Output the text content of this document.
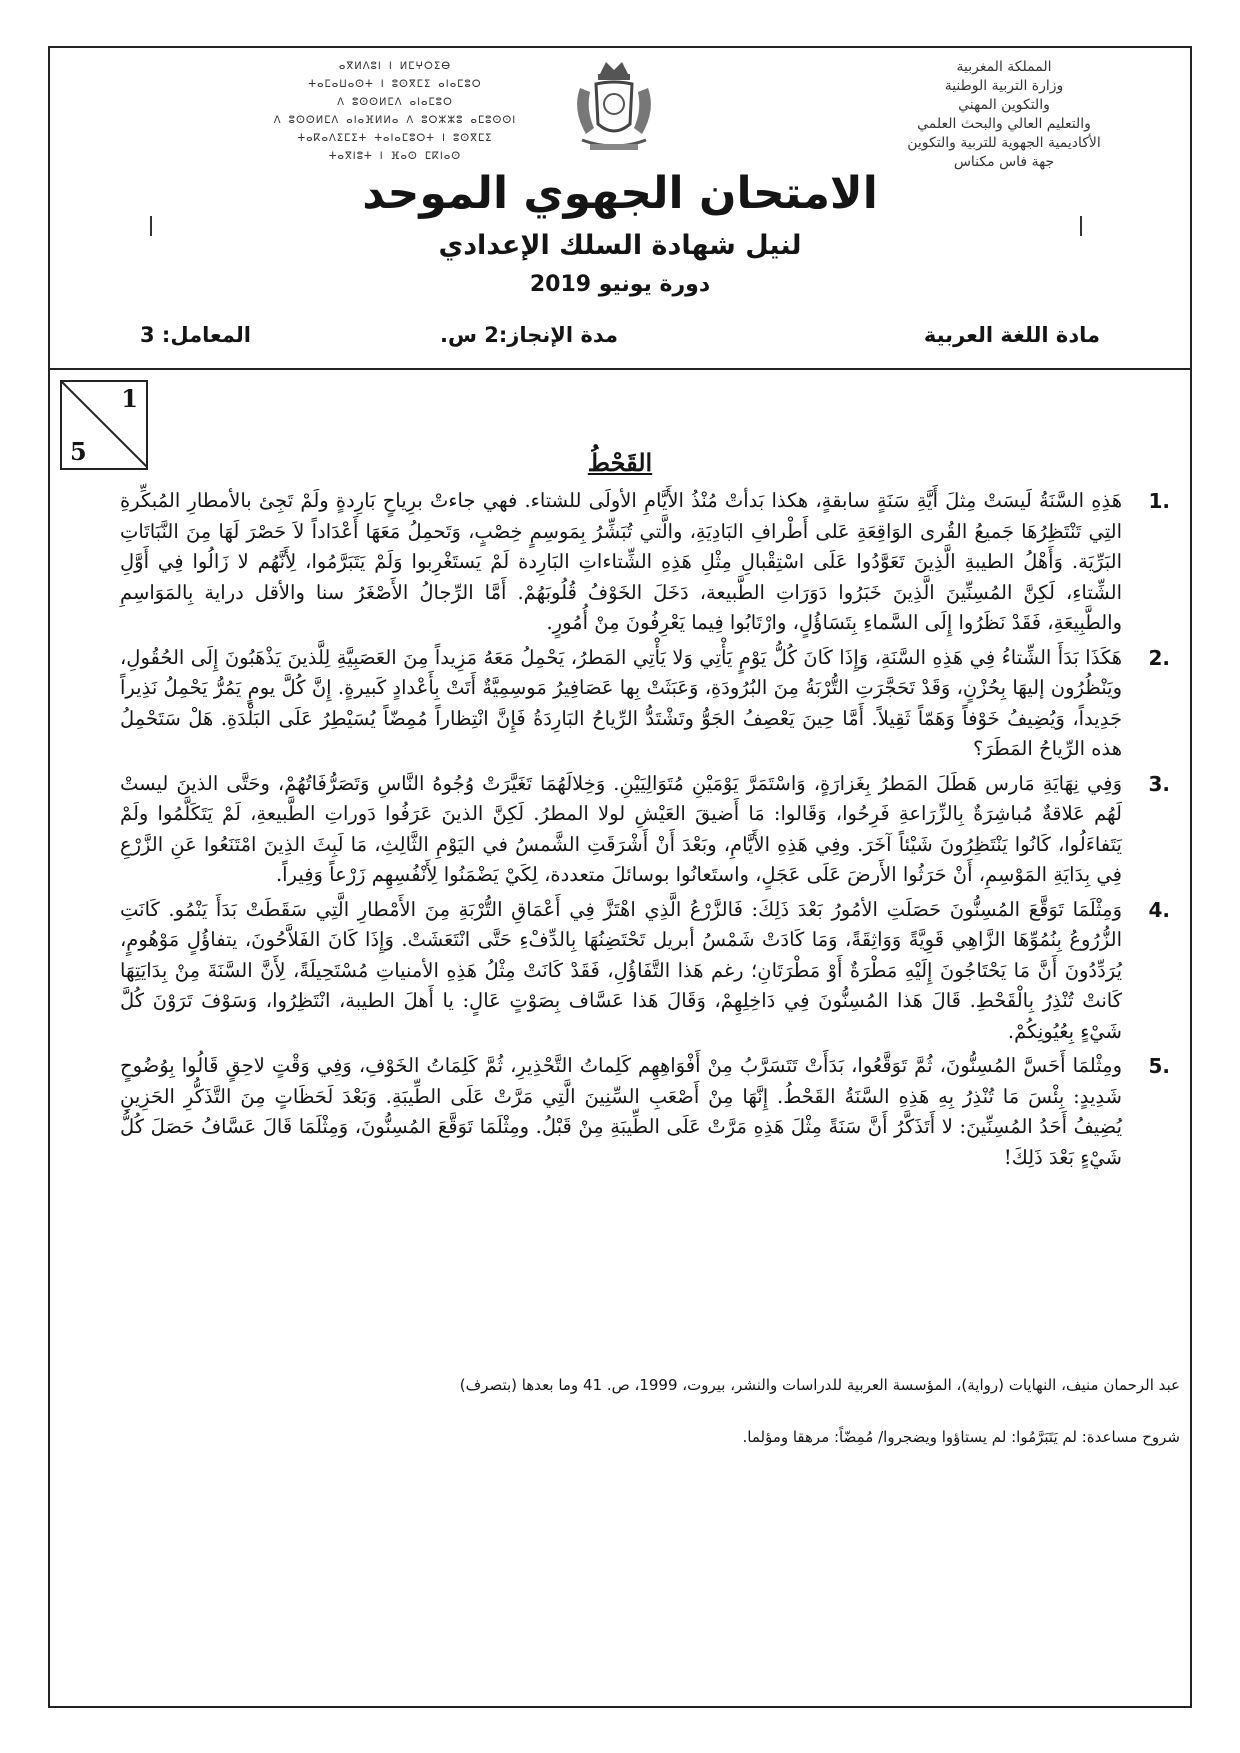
ⴰⴳⵍⴷⵓⵏ ⵏ ⵍⵎⵖⵔⵉⴱ
ⵜⴰⵎⴰⵡⴰⵙⵜ ⵏ ⵓⵙⴳⵎⵉ ⴰⵏⴰⵎⵓⵔ
ⴷ ⵓⵙⵙⵍⵎⴷ ⴰⵏⴰⵎⵓⵔ
ⴷ ⵓⵙⵙⵍⵎⴷ ⴰⵏⴰⴼⵍⵍⴰ ⴷ ⵓⵔⵣⵣⵓ ⴰⵎⵓⵙⵙⵏ
ⵜⴰⴽⴰⴷⵉⵎⵉⵜ ⵜⴰⵏⴰⵎⵓⵔⵜ ⵏ ⵓⵙⴳⵎⵉ
ⵜⴰⴳⵏⵓⵜ ⵏ ⴼⴰⵙ ⵎⴽⵏⴰⵙ
المملكة المغربية
وزارة التربية الوطنية
والتكوين المهني
والتعليم العالي والبحث العلمي
الأكاديمية الجهوية للتربية والتكوين
جهة فاس مكناس
الامتحان الجهوي الموحد
لنيل شهادة السلك الإعدادي
دورة يونيو 2019
مادة اللغة العربية
مدة الإنجاز:2 س.
المعامل: 3
1
5	القَحْطُ
.1
هَذِهِ السَّنَةُ لَيسَتْ مِثلَ أَيَّةِ سَنَةٍ سابقةٍ، هكذا بَدأتْ مُنْذُ الأَيَّامِ الأولَى للشتاء. فهي جاءتْ برِياحٍ بَارِدةٍ ولَمْ تَجِئ بالأمطارِ المُبكِّرةِ التِي تَنْتَظِرُهَا جَميعُ القُرى الوَاقِعَةِ عَلى أَطْرافِ البَادِيَةِ، والَّتي تُبَشِّرُ بِمَوسِمٍ خِصْبٍ، وَتَحمِلُ مَعَهَا أَعْدَاداً لاَ حَصْرَ لَهَا مِنَ النَّبَاتَاتِ البَرِّيَة. وَأَهْلُ الطيبةِ الَّذِينَ تَعَوَّدُوا عَلَى اسْتِقْبالِ مِثْلِ هَذِهِ الشِّتاءاتِ البَارِدة لَمْ يَستَغْرِبوا وَلَمْ يَتَبَرَّمُوا، لِأَنَّهُم لا زَالُوا فِي أَوَّلِ الشِّتاءِ، لَكِنَّ المُسِنِّينَ الَّذِينَ خَبَرُوا دَوَرَاتِ الطَّبيعة، دَخَلَ الخَوْفُ قُلُوبَهُمْ. أَمَّا الرِّجالُ الأَصْغَرُ سنا والأقل دراية بِالمَوَاسِمِ والطَّبِيعَةِ، فَقَدْ نَظَرُوا إِلَى السَّماءِ بِتَسَاؤُلٍ، وارْتَابُوا فِيما يَعْرِفُونَ مِنْ أُمُورٍ.
.2
هَكَذَا بَدَأَ الشِّتاءُ فِي هَذِهِ السَّنَةِ، وَإِذَا كَانَ كُلُّ يَوْمٍ يَأْتِي وَلا يَأْتِي المَطرُ، يَحْمِلُ مَعَهُ مَزِيداً مِنَ العَصَبِيَّةِ لِلَّذينَ يَذْهَبُونَ إِلَى الحُقُولِ، ويَنْظُرُون إليهَا بِحُزْنٍ، وَقَدْ تَحَجَّرَتِ التُّرْبَةُ مِنَ البُرُودَةِ، وَعَبَثَتْ بِها عَصَافِيرُ مَوسِمِيَّةٌ أَتَتْ بِأَعْدادٍ كَبيرةٍ. إِنَّ كُلَّ يومٍ يَمُرُّ يَحْمِلُ نَذِيراً جَدِيداً، وَيُضِيفُ خَوْفاً وَهَمّاً ثَقِيلاً. أَمَّا حِينَ يَعْصِفُ الجَوُّ وتَشْتَدُّ الرِّياحُ البَارِدَةُ فَإِنَّ انْتِظاراً مُمِضّاً يُسَيْطِرُ عَلَى البَلْدَةِ. هَلْ سَتَحْمِلُ هذه الرِّياحُ المَطَرَ؟
.3
وَفِي نِهَايَةِ مَارس هَطَلَ المَطرُ بِغَزارَةٍ، وَاسْتَمَرَّ يَوْمَيْنِ مُتَوَالِيَيْنِ. وَخِلالَهُمَا تَغَيَّرَتْ وُجُوهُ النَّاسِ وَتَصَرُّفَاتُهُمْ، وحَتَّى الذينَ ليستْ لَهُم عَلاقةٌ مُباشِرَةٌ بِالزِّرَاعةِ فَرِحُوا، وَقَالوا: مَا أَضيقَ العَيْشِ لولا المطرُ. لَكِنَّ الذينَ عَرَفُوا دَوراتِ الطَّبيعةِ، لَمْ يَتَكَلَّمُوا ولَمْ يَتَفاءَلُوا، كَانُوا يَنْتَظِرُونَ شَيْئاً آخَرَ. وفِي هَذِهِ الأَيَّامِ، وبَعْدَ أَنْ أَشْرَقَتِ الشَّمسُ في اليَوْمِ الثَّالِثِ، مَا لَبِثَ الذِينَ امْتَنَعُوا عَنِ الزَّرْعِ فِي بِدَايَةِ المَوْسِمِ، أَنْ حَرَثُوا الأَرضَ عَلَى عَجَلٍ، واستَعانُوا بوسائلَ متعددة، لِكَيْ يَضْمَنُوا لِأَنْفُسِهِم زَرْعاً وَفِيراً.
.4
وَمِثْلَمَا تَوَقَّعَ المُسِنُّونَ حَصَلَتِ الأمُورُ بَعْدَ ذَلِكَ: فَالزَّرْعُ الَّذِي اهْتَزَّ فِي أَعْمَاقِ التُّرْبَةِ مِنَ الأَمْطارِ الَّتِي سَقَطَتْ بَدَأَ يَنْمُو. كَانَتِ الزُّرُوعُ بِنُمُوِّهَا الزَّاهِي قَوِيَّةً وَوَاثِقَةً، وَمَا كَادَتْ شَمْسُ أبريل تَحْتَضِنُهَا بِالدِّفْءِ حَتَّى انْتَعَشَتْ. وَإِذَا كَانَ الفَلاَّحُونَ، يتفاؤُلٍ مَوْهُومٍ، يُرَدِّدُونَ أَنَّ مَا يَحْتَاجُونَ إِلَيْهِ مَطْرَةٌ أَوْ مَطْرَتَانِ؛ رغم هَذا التَّفَاؤُلِ، فَقَدْ كَانَتْ مِثْلُ هَذِهِ الأمنياتِ مُسْتَحِيلَةً، لِأَنَّ السَّنَةَ مِنْ بِدَايَتِهَا كَانتْ تُنْذِرُ بِالْقَحْطِ. قَالَ هَذا المُسِنُّونَ فِي دَاخِلِهِمْ، وَقَالَ هَذا عَسَّاف بِصَوْتٍ عَالٍ: يا أَهلَ الطيبة، انْتَظِرُوا، وَسَوْفَ تَرَوْنَ كُلَّ شَيْءٍ بِعُيُونِكُمْ.
.5
ومِثْلمَا أَحَسَّ المُسِنُّونَ، ثُمَّ تَوَقَّعُوا، بَدَأَتْ تَتَسَرَّبُ مِنْ أَفْوَاهِهِم كَلِماتُ التَّحْذِيرِ، ثُمَّ كَلِمَاتُ الخَوْفِ، وَفِي وَقْتٍ لاحِقٍ قَالُوا بِوُضُوحٍ شَدِيدٍ: بِئْسَ مَا تُنْذِرُ بِهِ هَذِهِ السَّنَةُ القَحْطُ. إِنَّهَا مِنْ أَصْعَبِ السِّنِينَ الَّتِي مَرَّتْ عَلَى الطِّيبَةِ. وَبَعْدَ لَحَظَاتٍ مِنَ التَّذَكُّرِ الحَزِينِ يُضِيفُ أَحَدُ المُسِنِّينَ: لا أَتَذَكَّرُ أَنَّ سَنَةً مِثْلَ هَذِهِ مَرَّتْ عَلَى الطِّيبَةِ مِنْ قَبْلُ. ومِثْلَمَا تَوَقَّعَ المُسِنُّونَ، وَمِثْلَمَا قَالَ عَسَّافُ حَصَلَ كُلُّ شَيْءٍ بَعْدَ ذَلِكَ!
عبد الرحمان منيف، النهايات (رواية)، المؤسسة العربية للدراسات والنشر، بيروت، 1999، ص. 41 وما بعدها (بتصرف)
شروح مساعدة: لم يَتَبَرَّمُوا: لم يستاؤوا ويضجروا/ مُمِضّاً: مرهقا ومؤلما.
